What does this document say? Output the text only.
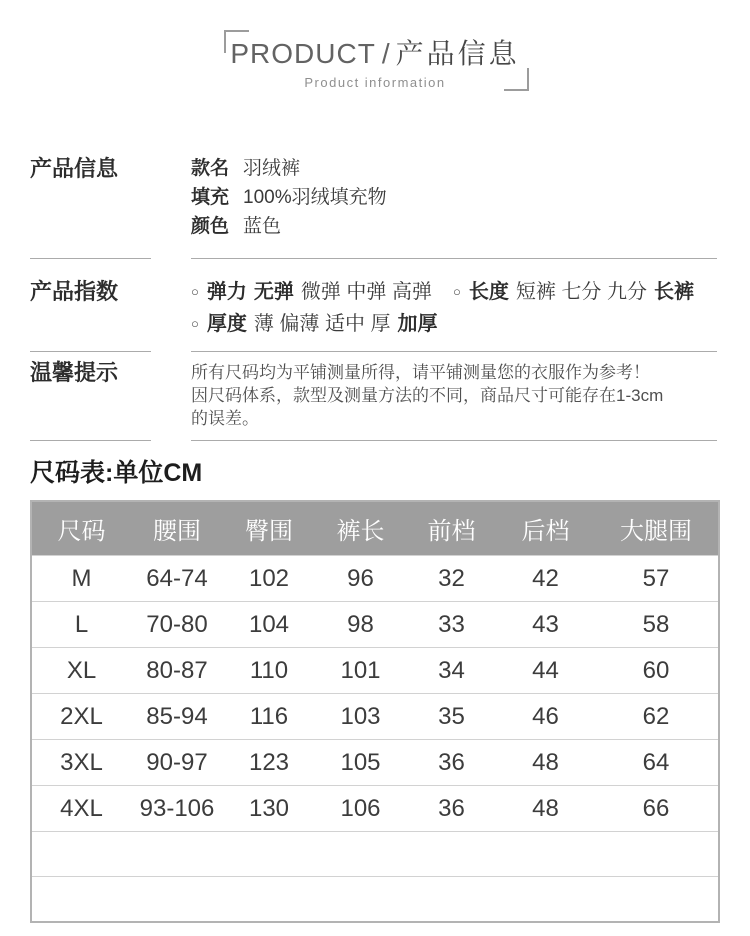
PRODUCT / 产品信息
Product information
产品信息	款名 羽绒裤
填充 100%羽绒填充物
颜色 蓝色
产品指数	○ 弹力 无弹 微弹 中弹 高弹 ○ 长度 短裤 七分 九分 长裤
○ 厚度 薄 偏薄 适中 厚 加厚
温馨提示	所有尺码均为平铺测量所得，请平铺测量您的衣服作为参考！
因尺码体系，款型及测量方法的不同，商品尺寸可能存在1-3cm
的误差。
尺码表:单位CM
尺码	腰围	臀围	裤长	前档	后档	大腿围
M	64-74	102	96	32	42	57
L	70-80	104	98	33	43	58
XL	80-87	110	101	34	44	60
2XL	85-94	116	103	35	46	62
3XL	90-97	123	105	36	48	64
4XL	93-106	130	106	36	48	66
